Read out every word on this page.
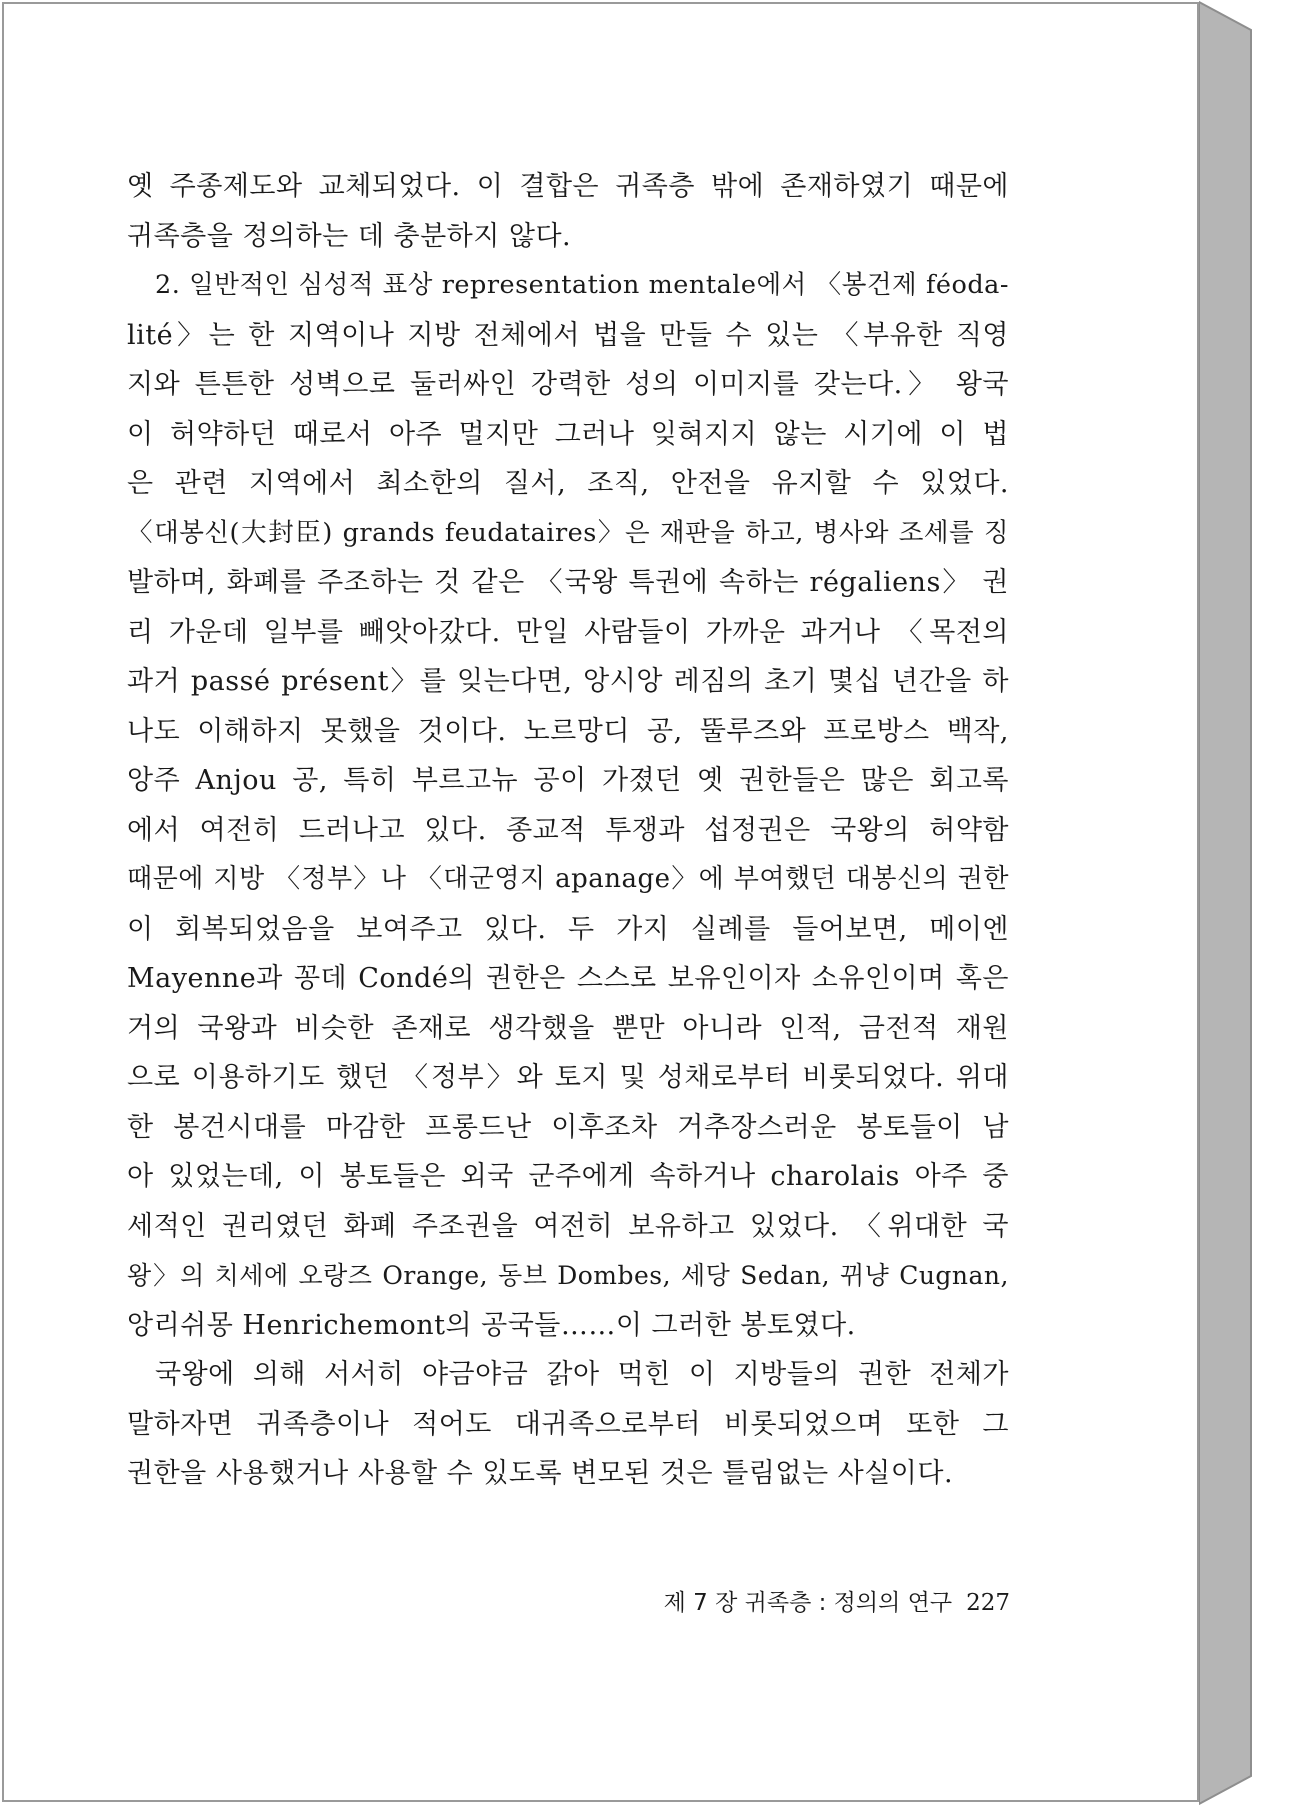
옛 주종제도와 교체되었다. 이 결합은 귀족층 밖에 존재하였기 때문에
귀족층을 정의하는 데 충분하지 않다.
2. 일반적인 심성적 표상 representation mentale에서 〈봉건제 féoda-
lité〉는 한 지역이나 지방 전체에서 법을 만들 수 있는 〈부유한 직영
지와 튼튼한 성벽으로 둘러싸인 강력한 성의 이미지를 갖는다.〉 왕국
이 허약하던 때로서 아주 멀지만 그러나 잊혀지지 않는 시기에 이 법
은 관련 지역에서 최소한의 질서, 조직, 안전을 유지할 수 있었다.
〈대봉신(大封臣) grands feudataires〉은 재판을 하고, 병사와 조세를 징
발하며, 화폐를 주조하는 것 같은 〈국왕 특권에 속하는 régaliens〉 권
리 가운데 일부를 빼앗아갔다. 만일 사람들이 가까운 과거나 〈목전의
과거 passé présent〉를 잊는다면, 앙시앙 레짐의 초기 몇십 년간을 하
나도 이해하지 못했을 것이다. 노르망디 공, 뚤루즈와 프로방스 백작,
앙주 Anjou 공, 특히 부르고뉴 공이 가졌던 옛 권한들은 많은 회고록
에서 여전히 드러나고 있다. 종교적 투쟁과 섭정권은 국왕의 허약함
때문에 지방 〈정부〉나 〈대군영지 apanage〉에 부여했던 대봉신의 권한
이 회복되었음을 보여주고 있다. 두 가지 실례를 들어보면, 메이엔
Mayenne과 꽁데 Condé의 권한은 스스로 보유인이자 소유인이며 혹은
거의 국왕과 비슷한 존재로 생각했을 뿐만 아니라 인적, 금전적 재원
으로 이용하기도 했던 〈정부〉와 토지 및 성채로부터 비롯되었다. 위대
한 봉건시대를 마감한 프롱드난 이후조차 거추장스러운 봉토들이 남
아 있었는데, 이 봉토들은 외국 군주에게 속하거나 charolais 아주 중
세적인 권리였던 화폐 주조권을 여전히 보유하고 있었다. 〈위대한 국
왕〉의 치세에 오랑즈 Orange, 동브 Dombes, 세당 Sedan, 뀌냥 Cugnan,
앙리쉬몽 Henrichemont의 공국들……이 그러한 봉토였다.
국왕에 의해 서서히 야금야금 갉아 먹힌 이 지방들의 권한 전체가
말하자면 귀족층이나 적어도 대귀족으로부터 비롯되었으며 또한 그
권한을 사용했거나 사용할 수 있도록 변모된 것은 틀림없는 사실이다.
제 7 장 귀족층 : 정의의 연구 227
